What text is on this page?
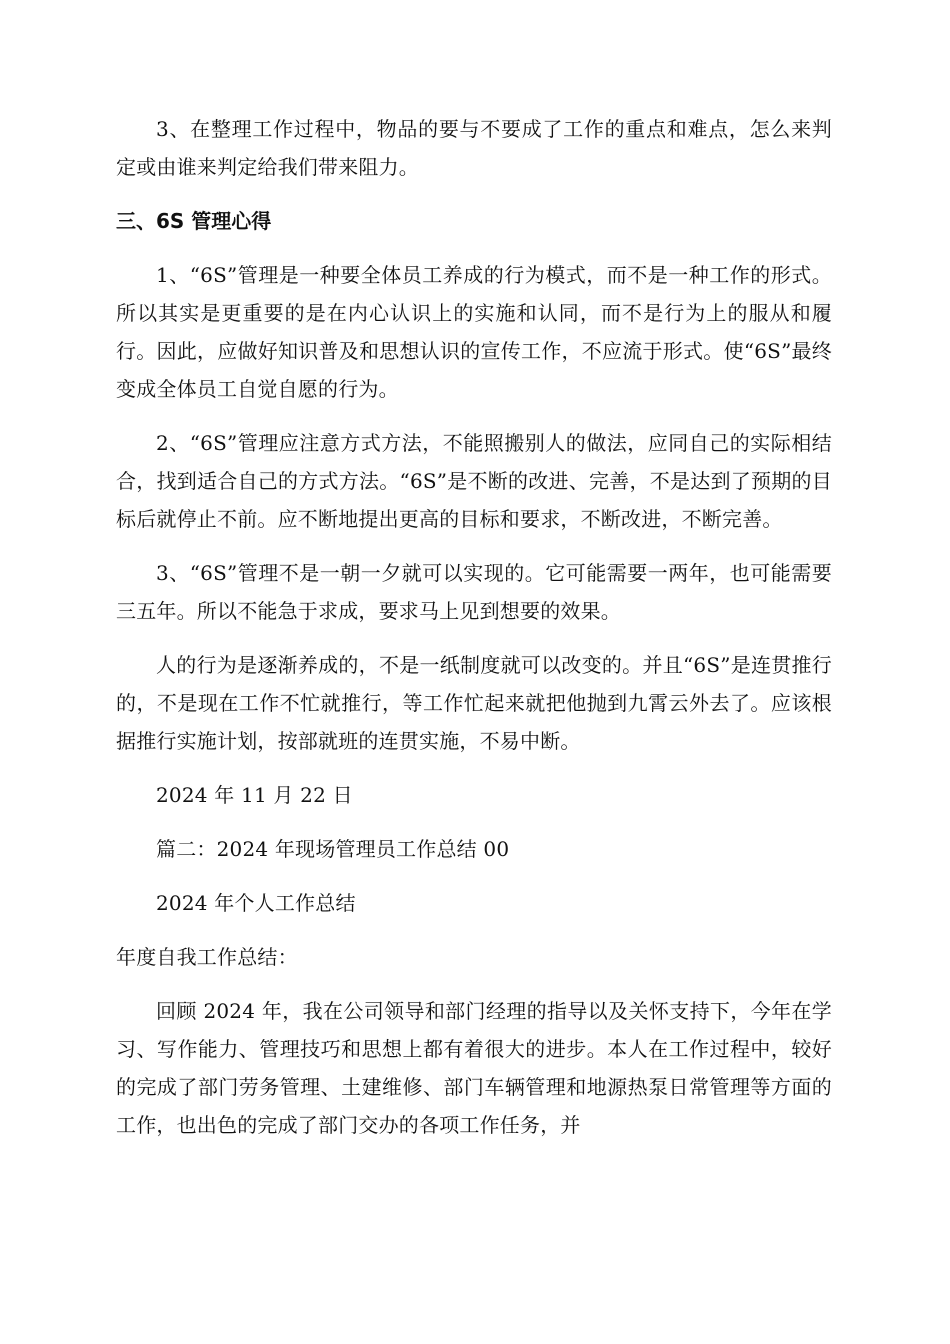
3、在整理工作过程中，物品的要与不要成了工作的重点和难点，怎么来判定或由谁来判定给我们带来阻力。

三、6S 管理心得

1、“6S”管理是一种要全体员工养成的行为模式，而不是一种工作的形式。所以其实是更重要的是在内心认识上的实施和认同，而不是行为上的服从和履行。因此，应做好知识普及和思想认识的宣传工作，不应流于形式。使“6S”最终变成全体员工自觉自愿的行为。

2、“6S”管理应注意方式方法，不能照搬别人的做法，应同自己的实际相结合，找到适合自己的方式方法。“6S”是不断的改进、完善，不是达到了预期的目标后就停止不前。应不断地提出更高的目标和要求，不断改进，不断完善。

3、“6S”管理不是一朝一夕就可以实现的。它可能需要一两年，也可能需要三五年。所以不能急于求成，要求马上见到想要的效果。

人的行为是逐渐养成的，不是一纸制度就可以改变的。并且“6S”是连贯推行的，不是现在工作不忙就推行，等工作忙起来就把他抛到九霄云外去了。应该根据推行实施计划，按部就班的连贯实施，不易中断。

2024 年 11 月 22 日

篇二：2024 年现场管理员工作总结 00

2024 年个人工作总结

年度自我工作总结：

回顾 2024 年，我在公司领导和部门经理的指导以及关怀支持下，今年在学习、写作能力、管理技巧和思想上都有着很大的进步。本人在工作过程中，较好的完成了部门劳务管理、土建维修、部门车辆管理和地源热泵日常管理等方面的工作，也出色的完成了部门交办的各项工作任务，并
